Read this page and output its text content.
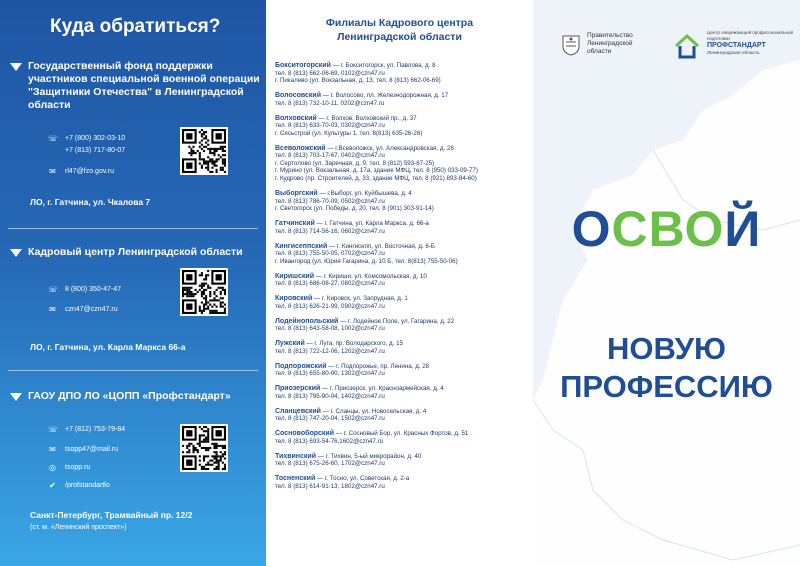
Куда обратиться?
Государственный фонд поддержки участников специальной военной операции "Защитники Отечества" в Ленинградской области
☏ +7 (800) 302-03-10
+7 (813) 717-80-07
✉ rl47@fzo.gov.ru
ЛО, г. Гатчина, ул. Чкалова 7
Кадровый центр Ленинградской области
☏ 8 (800) 350-47-47
✉ czn47@czn47.ru
ЛО, г. Гатчина, ул. Карла Маркса 66-а
ГАОУ ДПО ЛО «ЦОПП «Профстандарт»
☏ +7 (812) 753-79-84
✉ tsopp47@mail.ru
◎ tsopp.ru
✔ /profstandartlo
Санкт-Петербург, Трамвайный пр. 12/2
(ст. м. «Ленинский проспект»)
Филиалы Кадрового центра
Ленинградской области

Бокситогорский — г. Бокситогорск, ул. Павлова, д. 8

тел. 8 (813) 662-06-69, 0102@czn47.ru

г. Пикалево (ул. Вокзальная, д. 13, тел. 8 (813) 662-06-69)

Волосовский — г. Волосово, пл. Железнодорожная, д. 17

тел. 8 (813) 732-10-11, 0202@czn47.ru

Волховский — г. Волхов, Волховский пр., д. 37

тел. 8 (813) 633-70-03, 0302@czn47.ru

г. Сясьстрой (ул. Культуры 1, тел. 8(813) 635-26-26)

Всеволожский — г.Всеволожск, ул. Александровская, д. 28

тел. 8 (813) 703-17-67, 0402@czn47.ru

г. Сертолово (ул. Заречная, д. 9, тел. 8 (812) 593-87-25)

г. Мурино (ул. Вокзальная, д. 17а, здание МФЦ, тел. 8 (950) 033-09-77)

г. Кудрово (пр. Строителей, д. 33, здание МФЦ, тел. 8 (921) 893-84-60)

Выборгский — г.Выборг, ул. Куйбышева, д. 4

тел. 8 (813) 786-70-09, 0502@czn47.ru

г. Светогорск (ул. Победы, д. 20, тел. 8 (901) 303-91-14)

Гатчинский — г. Гатчина, ул. Карла Маркса, д. 66-а

тел. 8 (813) 714-56-16, 0602@czn47.ru

Кингисеппский — г. Кингисепп, ул. Восточная, д. 6-Б

тел. 8 (813) 755-50-05, 0702@czn47.ru

г. Ивангород (ул. Юрия Гагарина, д. 10 Б, тел. 8(813) 755-50-06)

Киришский — г. Кириши, ул. Комсомольская, д. 10

тел. 8 (813) 686-08-27, 0802@czn47.ru

Кировский — г. Кировск, ул. Запрудная, д. 1

тел. 8 (813) 626-21-99, 0902@czn47.ru

Лодейнопольский — г. Лодейное Поле, ул. Гагарина, д. 22

тел. 8 (813) 643-58-08, 1002@czn47.ru

Лужский — г. Луга, пр. Володарского, д. 15

тел. 8 (813) 722-12-06, 1202@czn47.ru

Подпорожский — г. Подпорожье, пр. Ленина, д. 28

тел. 8 (813) 655-80-00, 1302@czn47.ru

Приозерский — г. Приозерск, ул. Красноармейская, д. 4

тел. 8 (813) 795-90-04, 1402@czn47.ru

Сланцевский — г. Сланцы, ул. Новосельская, д. 4

тел. 8 (813) 747-20-04, 1502@czn47.ru

Сосновоборский — г. Сосновый Бор, ул. Красных Фортов, д. 51

тел. 8 (813) 693-54-76,1602@czn47.ru

Тихвинский — г. Тихвин, 5-ый микрорайон, д. 40

тел. 8 (813) 675-26-60, 1702@czn47.ru

Тосненский — г. Тосно, ул. Советская, д. 2-а

тел. 8 (813) 614-91-13, 1802@czn47.ru

Правительство
Ленинградской
области
Центр опережающей профессиональной подготовки
ПРОФСТАНДАРТ
Ленинградская область
ОСВОЙ
НОВУЮ
ПРОФЕССИЮ
